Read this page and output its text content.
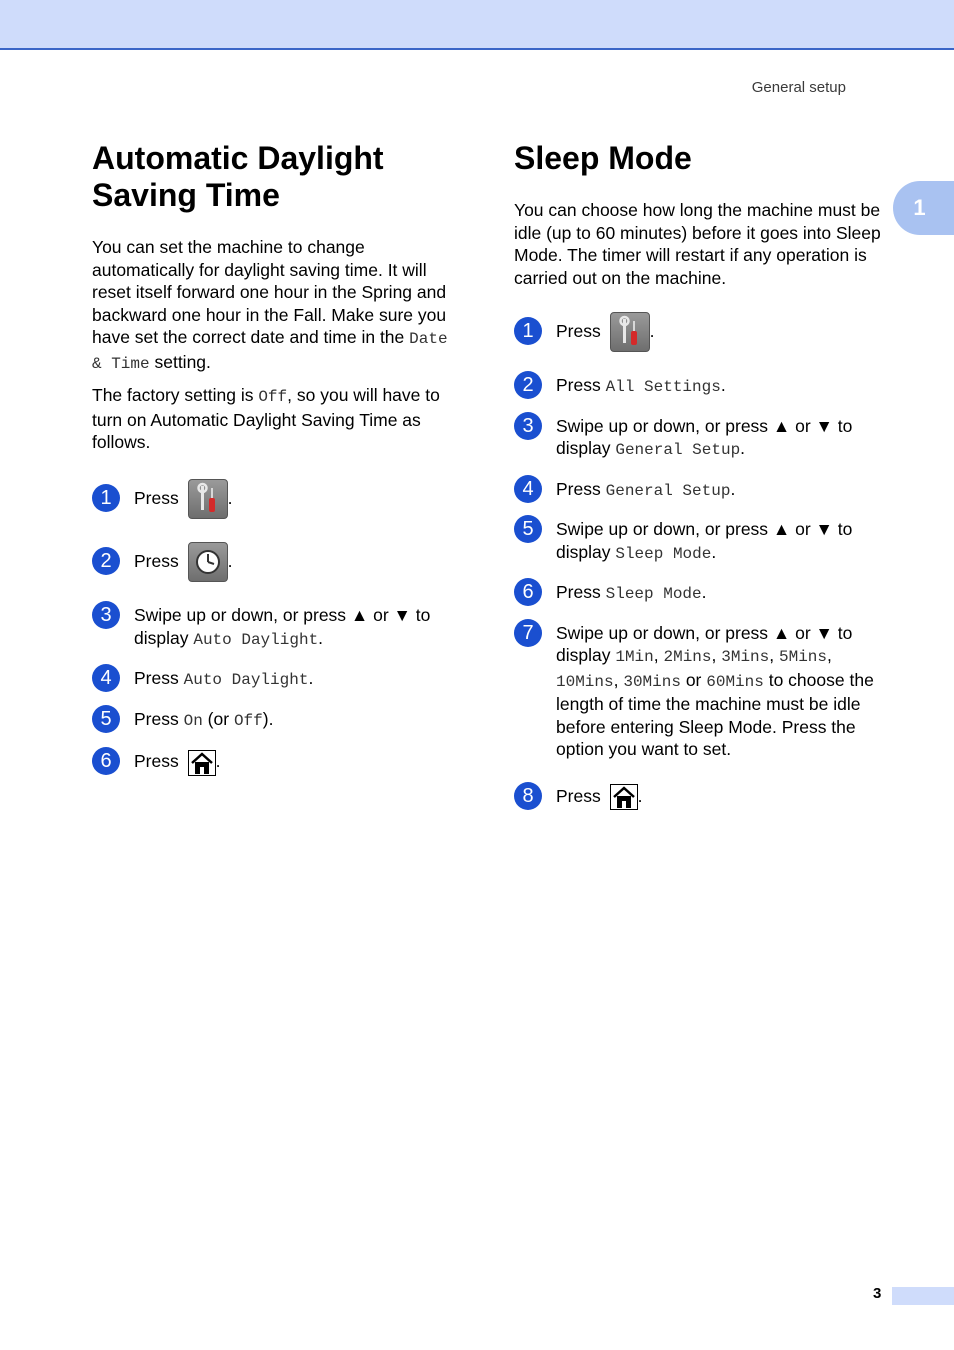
General setup
1
Automatic Daylight
Saving Time

You can set the machine to change automatically for daylight saving time. It will reset itself forward one hour in the Spring and backward one hour in the Fall. Make sure you have set the correct date and time in the Date & Time setting.

The factory setting is Off, so you will have to turn on Automatic Daylight Saving Time as follows.

1	Press	.
2	Press	.
3	Swipe up or down, or press ▲ or ▼ to display Auto Daylight.
4	Press Auto Daylight.
5	Press On (or Off).
6	Press .
Sleep Mode

You can choose how long the machine must be idle (up to 60 minutes) before it goes into Sleep Mode. The timer will restart if any operation is carried out on the machine.

1	Press	.
2	Press All Settings.
3	Swipe up or down, or press ▲ or ▼ to display General Setup.
4	Press General Setup.
5	Swipe up or down, or press ▲ or ▼ to display Sleep Mode.
6	Press Sleep Mode.
7	Swipe up or down, or press ▲ or ▼ to display 1Min, 2Mins, 3Mins, 5Mins, 10Mins, 30Mins or 60Mins to choose the length of time the machine must be idle before entering Sleep Mode. Press the option you want to set.
8	Press .
3
